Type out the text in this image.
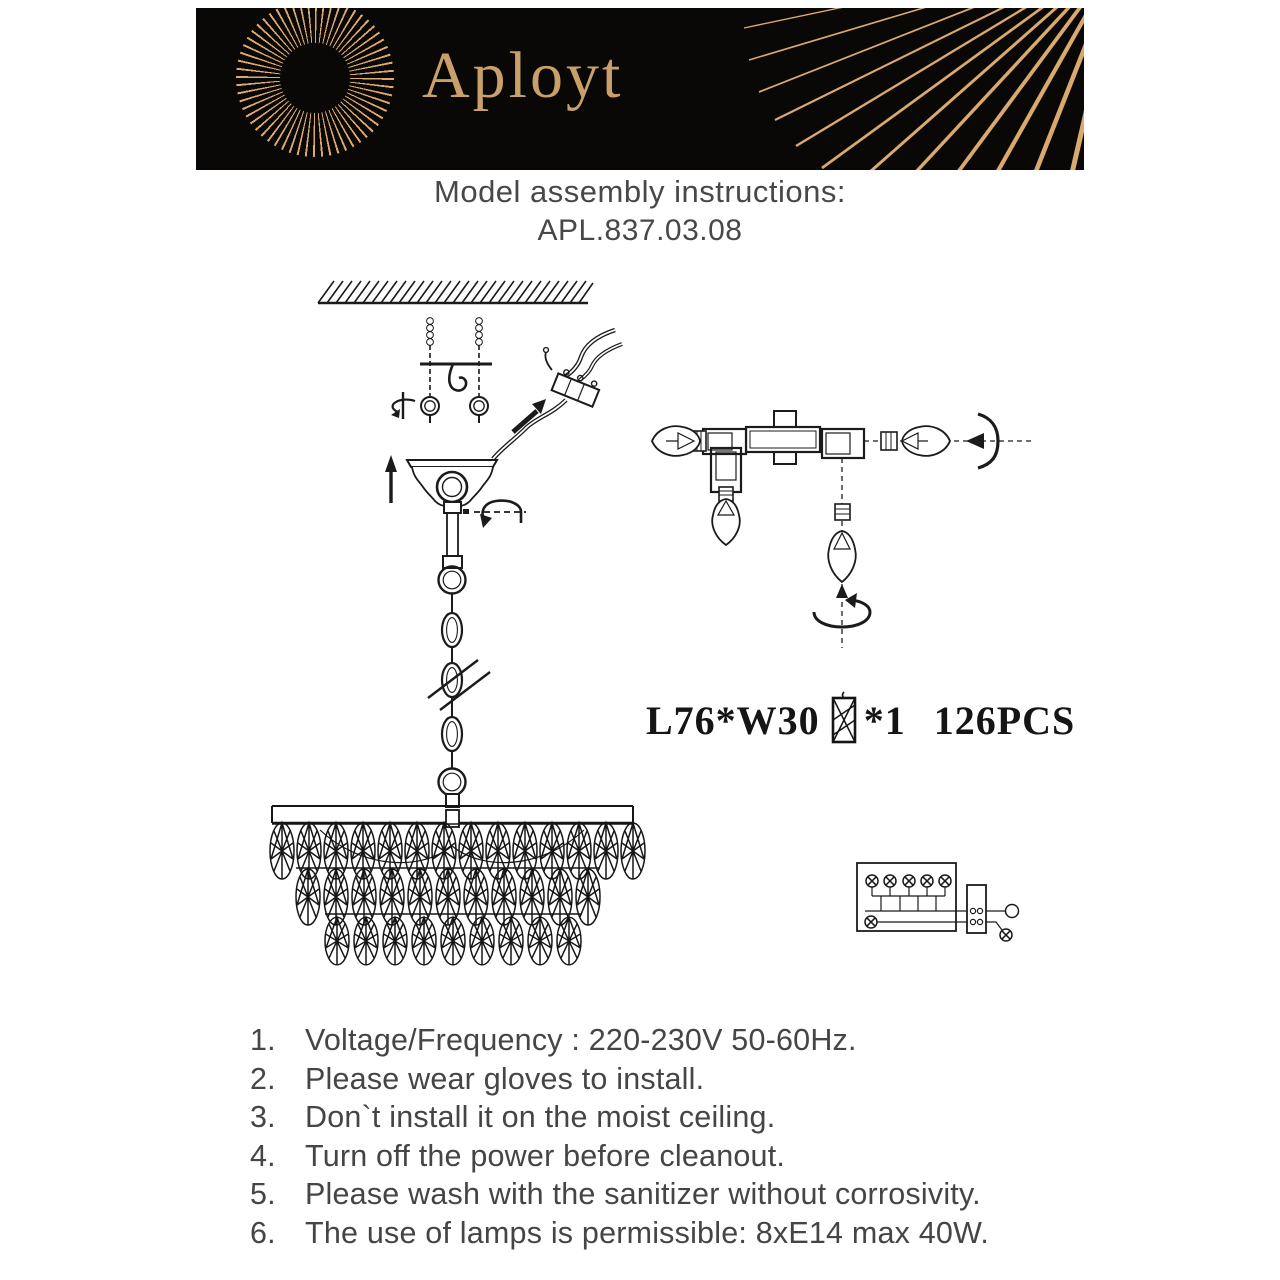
Aployt
Model assembly instructions:
APL.837.03.08
L76*W30 *1 126PCS
1. Voltage/Frequency : 220-230V 50-60Hz.
2. Please wear gloves to install.
3. Don`t install it on the moist ceiling.
4. Turn off the power before cleanout.
5. Please wash with the sanitizer without corrosivity.
6. The use of lamps is permissible: 8xE14 max 40W.
